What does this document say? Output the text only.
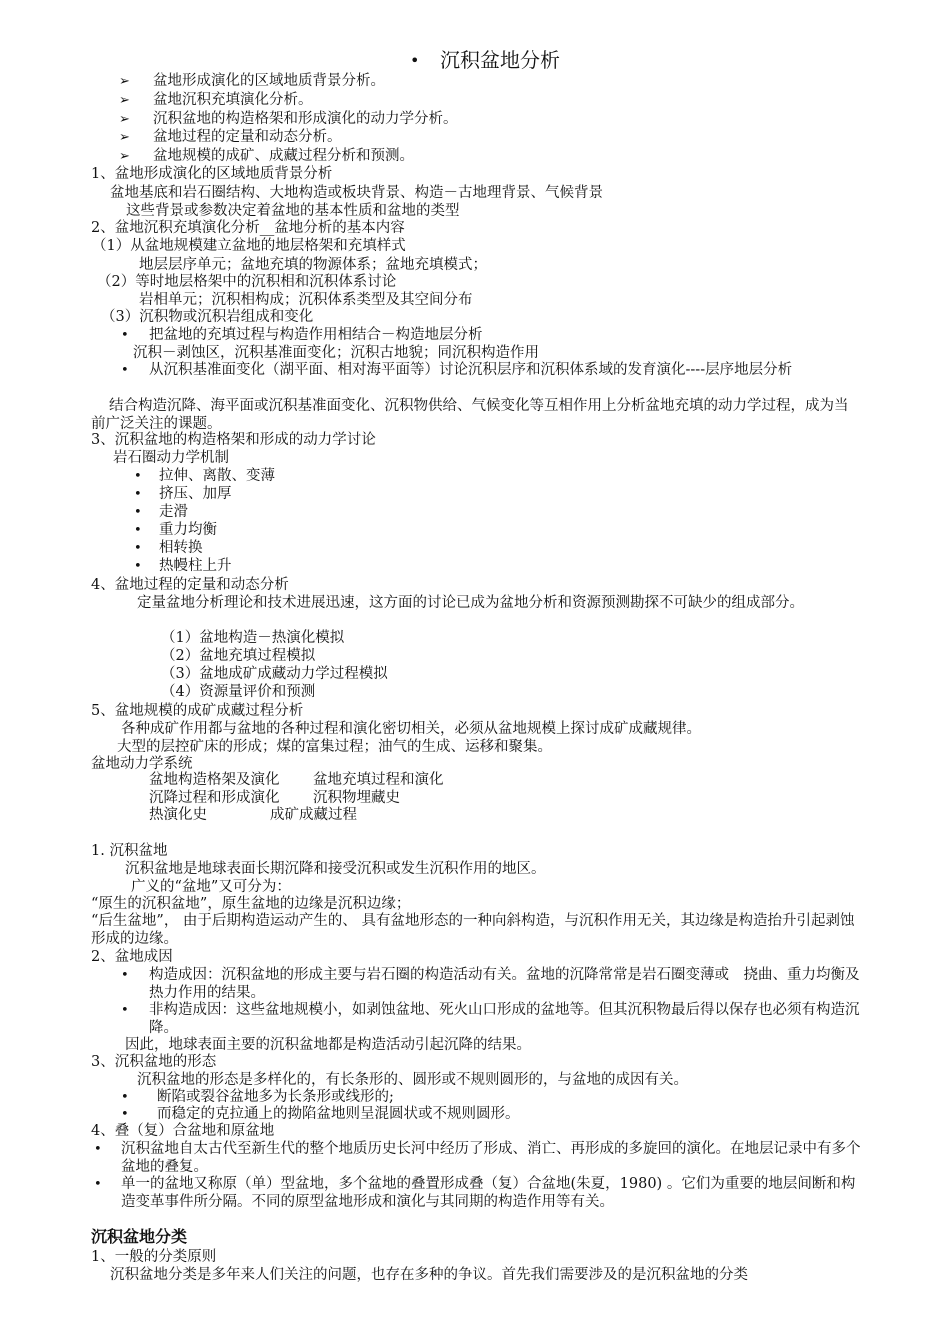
• 沉积盆地分析
➢ 盆地形成演化的区域地质背景分析。
➢ 盆地沉积充填演化分析。
➢ 沉积盆地的构造格架和形成演化的动力学分析。
➢ 盆地过程的定量和动态分析。
➢ 盆地规模的成矿、成藏过程分析和预测。
1、盆地形成演化的区域地质背景分析
盆地基底和岩石圈结构、大地构造或板块背景、构造－古地理背景、气候背景
这些背景或参数决定着盆地的基本性质和盆地的类型
2、盆地沉积充填演化分析__盆地分析的基本内容
（1）从盆地规模建立盆地的地层格架和充填样式
地层层序单元；盆地充填的物源体系；盆地充填模式；
（2）等时地层格架中的沉积相和沉积体系讨论
岩相单元；沉积相构成；沉积体系类型及其空间分布
（3）沉积物或沉积岩组成和变化
• 把盆地的充填过程与构造作用相结合－构造地层分析
沉积－剥蚀区，沉积基准面变化；沉积古地貌；同沉积构造作用
• 从沉积基准面变化（湖平面、相对海平面等）讨论沉积层序和沉积体系域的发育演化----层序地层分析
结合构造沉降、海平面或沉积基准面变化、沉积物供给、气候变化等互相作用上分析盆地充填的动力学过程，成为当前广泛关注的课题。
3、沉积盆地的构造格架和形成的动力学讨论
岩石圈动力学机制
• 拉伸、离散、变薄
• 挤压、加厚
• 走滑
• 重力均衡
• 相转换
• 热幔柱上升
4、盆地过程的定量和动态分析
定量盆地分析理论和技术进展迅速，这方面的讨论已成为盆地分析和资源预测勘探不可缺少的组成部分。
（1）盆地构造－热演化模拟
（2）盆地充填过程模拟
（3）盆地成矿成藏动力学过程模拟
（4）资源量评价和预测
5、盆地规模的成矿成藏过程分析
各种成矿作用都与盆地的各种过程和演化密切相关，必须从盆地规模上探讨成矿成藏规律。
大型的层控矿床的形成；煤的富集过程；油气的生成、运移和聚集。
盆地动力学系统
盆地构造格架及演化 盆地充填过程和演化
沉降过程和形成演化 沉积物埋藏史
热演化史	成矿成藏过程
1. 沉积盆地
沉积盆地是地球表面长期沉降和接受沉积或发生沉积作用的地区。
广义的“盆地”又可分为：
“原生的沉积盆地”，原生盆地的边缘是沉积边缘；
“后生盆地”， 由于后期构造运动产生的、 具有盆地形态的一种向斜构造，与沉积作用无关，其边缘是构造抬升引起剥蚀形成的边缘。
2、盆地成因
• 构造成因：沉积盆地的形成主要与岩石圈的构造活动有关。盆地的沉降常常是岩石圈变薄或　挠曲、重力均衡及热力作用的结果。
• 非构造成因：这些盆地规模小，如剥蚀盆地、死火山口形成的盆地等。但其沉积物最后得以保存也必须有构造沉降。
因此，地球表面主要的沉积盆地都是构造活动引起沉降的结果。
3、沉积盆地的形态
沉积盆地的形态是多样化的，有长条形的、圆形或不规则圆形的，与盆地的成因有关。
• 断陷或裂谷盆地多为长条形或线形的;
• 而稳定的克拉通上的拗陷盆地则呈混圆状或不规则圆形。
4、叠（复）合盆地和原盆地
• 沉积盆地自太古代至新生代的整个地质历史长河中经历了形成、消亡、再形成的多旋回的演化。在地层记录中有多个盆地的叠复。
• 单一的盆地又称原（单）型盆地，多个盆地的叠置形成叠（复）合盆地(朱夏，1980) 。它们为重要的地层间断和构造变革事件所分隔。不同的原型盆地形成和演化与其同期的构造作用等有关。
沉积盆地分类
1、一般的分类原则
沉积盆地分类是多年来人们关注的问题，也存在多种的争议。首先我们需要涉及的是沉积盆地的分类
